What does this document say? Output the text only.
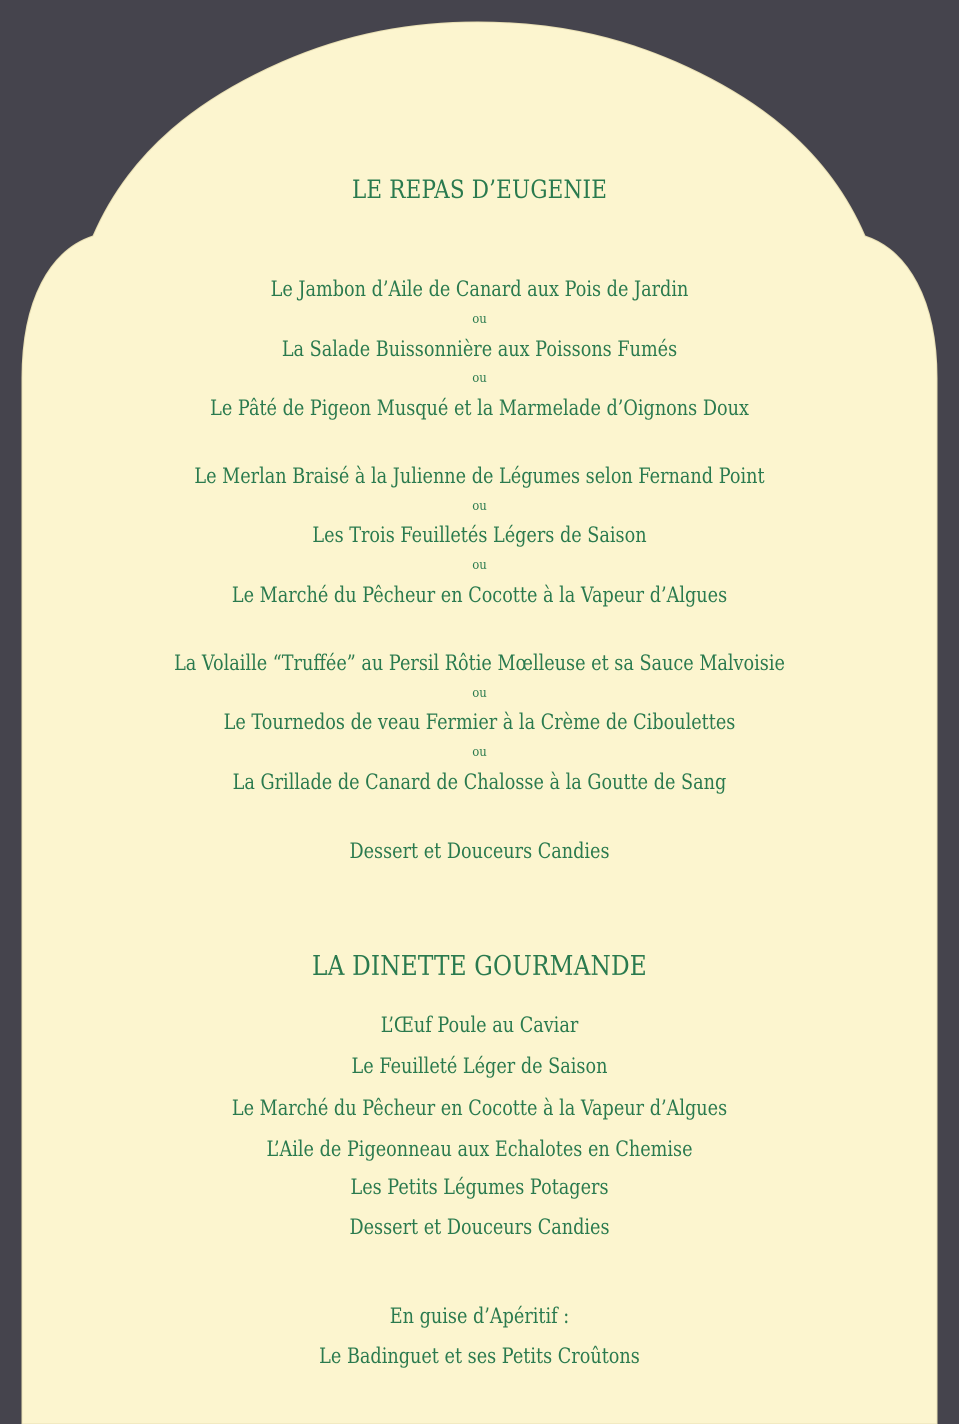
LE REPAS D’EUGENIE
Le Jambon d’Aile de Canard aux Pois de Jardin
ou
La Salade Buissonnière aux Poissons Fumés
ou
Le Pâté de Pigeon Musqué et la Marmelade d’Oignons Doux
Le Merlan Braisé à la Julienne de Légumes selon Fernand Point
ou
Les Trois Feuilletés Légers de Saison
ou
Le Marché du Pêcheur en Cocotte à la Vapeur d’Algues
La Volaille “Truffée” au Persil Rôtie Mœlleuse et sa Sauce Malvoisie
ou
Le Tournedos de veau Fermier à la Crème de Ciboulettes
ou
La Grillade de Canard de Chalosse à la Goutte de Sang
Dessert et Douceurs Candies
LA DINETTE GOURMANDE
L’Œuf Poule au Caviar
Le Feuilleté Léger de Saison
Le Marché du Pêcheur en Cocotte à la Vapeur d’Algues
L’Aile de Pigeonneau aux Echalotes en Chemise
Les Petits Légumes Potagers
Dessert et Douceurs Candies
En guise d’Apéritif :
Le Badinguet et ses Petits Croûtons
